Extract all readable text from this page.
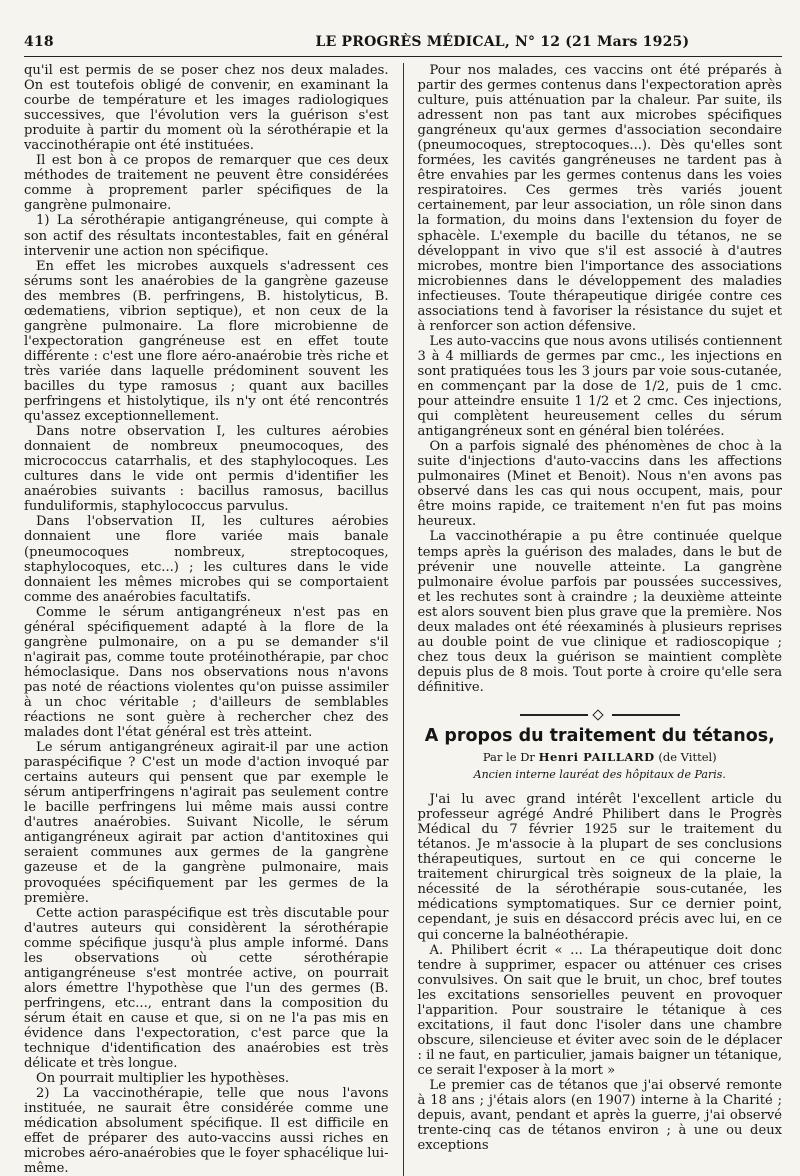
418	LE PROGRÈS MÉDICAL, N° 12 (21 Mars 1925)

qu'il est permis de se poser chez nos deux malades. On est toutefois obligé de convenir, en examinant la courbe de température et les images radiologiques successives, que l'évolution vers la guérison s'est produite à partir du moment où la sérothérapie et la vaccinothérapie ont été instituées.

Il est bon à ce propos de remarquer que ces deux méthodes de traitement ne peuvent être considérées comme à proprement parler spécifiques de la gangrène pulmonaire.

1) La sérothérapie antigangréneuse, qui compte à son actif des résultats incontestables, fait en général intervenir une action non spécifique.

En effet les microbes auxquels s'adressent ces sérums sont les anaérobies de la gangrène gazeuse des membres (B. perfringens, B. histolyticus, B. œdematiens, vibrion septique), et non ceux de la gangrène pulmonaire. La flore microbienne de l'expectoration gangréneuse est en effet toute différente : c'est une flore aéro-anaérobie très riche et très variée dans laquelle prédominent souvent les bacilles du type ramosus ; quant aux bacilles perfringens et histolytique, ils n'y ont été rencontrés qu'assez exceptionnellement.

Dans notre observation I, les cultures aérobies donnaient de nombreux pneumocoques, des micrococcus catarrhalis, et des staphylocoques. Les cultures dans le vide ont permis d'identifier les anaérobies suivants : bacillus ramosus, bacillus funduliformis, staphylococcus parvulus.

Dans l'observation II, les cultures aérobies donnaient une flore variée mais banale (pneumocoques nombreux, streptocoques, staphylocoques, etc...) ; les cultures dans le vide donnaient les mêmes microbes qui se comportaient comme des anaérobies facultatifs.

Comme le sérum antigangréneux n'est pas en général spécifiquement adapté à la flore de la gangrène pulmonaire, on a pu se demander s'il n'agirait pas, comme toute protéinothérapie, par choc hémoclasique. Dans nos observations nous n'avons pas noté de réactions violentes qu'on puisse assimiler à un choc véritable ; d'ailleurs de semblables réactions ne sont guère à rechercher chez des malades dont l'état général est très atteint.

Le sérum antigangréneux agirait-il par une action paraspécifique ? C'est un mode d'action invoqué par certains auteurs qui pensent que par exemple le sérum antiperfringens n'agirait pas seulement contre le bacille perfringens lui même mais aussi contre d'autres anaérobies. Suivant Nicolle, le sérum antigangréneux agirait par action d'antitoxines qui seraient communes aux germes de la gangrène gazeuse et de la gangrène pulmonaire, mais provoquées spécifiquement par les germes de la première.

Cette action paraspécifique est très discutable pour d'autres auteurs qui considèrent la sérothérapie comme spécifique jusqu'à plus ample informé. Dans les observations où cette sérothérapie antigangréneuse s'est montrée active, on pourrait alors émettre l'hypothèse que l'un des germes (B. perfringens, etc..., entrant dans la composition du sérum était en cause et que, si on ne l'a pas mis en évidence dans l'expectoration, c'est parce que la technique d'identification des anaérobies est très délicate et très longue.

On pourrait multiplier les hypothèses.

2) La vaccinothérapie, telle que nous l'avons instituée, ne saurait être considérée comme une médication absolument spécifique. Il est difficile en effet de préparer des auto-vaccins aussi riches en microbes aéro-anaérobies que le foyer sphacélique lui-même.

Pour nos malades, ces vaccins ont été préparés à partir des germes contenus dans l'expectoration après culture, puis atténuation par la chaleur. Par suite, ils adressent non pas tant aux microbes spécifiques gangréneux qu'aux germes d'association secondaire (pneumocoques, streptocoques...). Dès qu'elles sont formées, les cavités gangréneuses ne tardent pas à être envahies par les germes contenus dans les voies respiratoires. Ces germes très variés jouent certainement, par leur association, un rôle sinon dans la formation, du moins dans l'extension du foyer de sphacèle. L'exemple du bacille du tétanos, ne se développant in vivo que s'il est associé à d'autres microbes, montre bien l'importance des associations microbiennes dans le développement des maladies infectieuses. Toute thérapeutique dirigée contre ces associations tend à favoriser la résistance du sujet et à renforcer son action défensive.

Les auto-vaccins que nous avons utilisés contiennent 3 à 4 milliards de germes par cmc., les injections en sont pratiquées tous les 3 jours par voie sous-cutanée, en commençant par la dose de 1/2, puis de 1 cmc. pour atteindre ensuite 1 1/2 et 2 cmc. Ces injections, qui complètent heureusement celles du sérum antigangréneux sont en général bien tolérées.

On a parfois signalé des phénomènes de choc à la suite d'injections d'auto-vaccins dans les affections pulmonaires (Minet et Benoit). Nous n'en avons pas observé dans les cas qui nous occupent, mais, pour être moins rapide, ce traitement n'en fut pas moins heureux.

La vaccinothérapie a pu être continuée quelque temps après la guérison des malades, dans le but de prévenir une nouvelle atteinte. La gangrène pulmonaire évolue parfois par poussées successives, et les rechutes sont à craindre ; la deuxième atteinte est alors souvent bien plus grave que la première. Nos deux malades ont été réexaminés à plusieurs reprises au double point de vue clinique et radioscopique ; chez tous deux la guérison se maintient complète depuis plus de 8 mois. Tout porte à croire qu'elle sera définitive.

A propos du traitement du tétanos,
Par le Dr Henri PAILLARD (de Vittel)
Ancien interne lauréat des hôpitaux de Paris.

J'ai lu avec grand intérêt l'excellent article du professeur agrégé André Philibert dans le Progrès Médical du 7 février 1925 sur le traitement du tétanos. Je m'associe à la plupart de ses conclusions thérapeutiques, surtout en ce qui concerne le traitement chirurgical très soigneux de la plaie, la nécessité de la sérothérapie sous-cutanée, les médications symptomatiques. Sur ce dernier point, cependant, je suis en désaccord précis avec lui, en ce qui concerne la balnéothérapie.

A. Philibert écrit « ... La thérapeutique doit donc tendre à supprimer, espacer ou atténuer ces crises convulsives. On sait que le bruit, un choc, bref toutes les excitations sensorielles peuvent en provoquer l'apparition. Pour soustraire le tétanique à ces excitations, il faut donc l'isoler dans une chambre obscure, silencieuse et éviter avec soin de le déplacer : il ne faut, en particulier, jamais baigner un tétanique, ce serait l'exposer à la mort »

Le premier cas de tétanos que j'ai observé remonte à 18 ans ; j'étais alors (en 1907) interne à la Charité ; depuis, avant, pendant et après la guerre, j'ai observé trente-cinq cas de tétanos environ ; à une ou deux exceptions
